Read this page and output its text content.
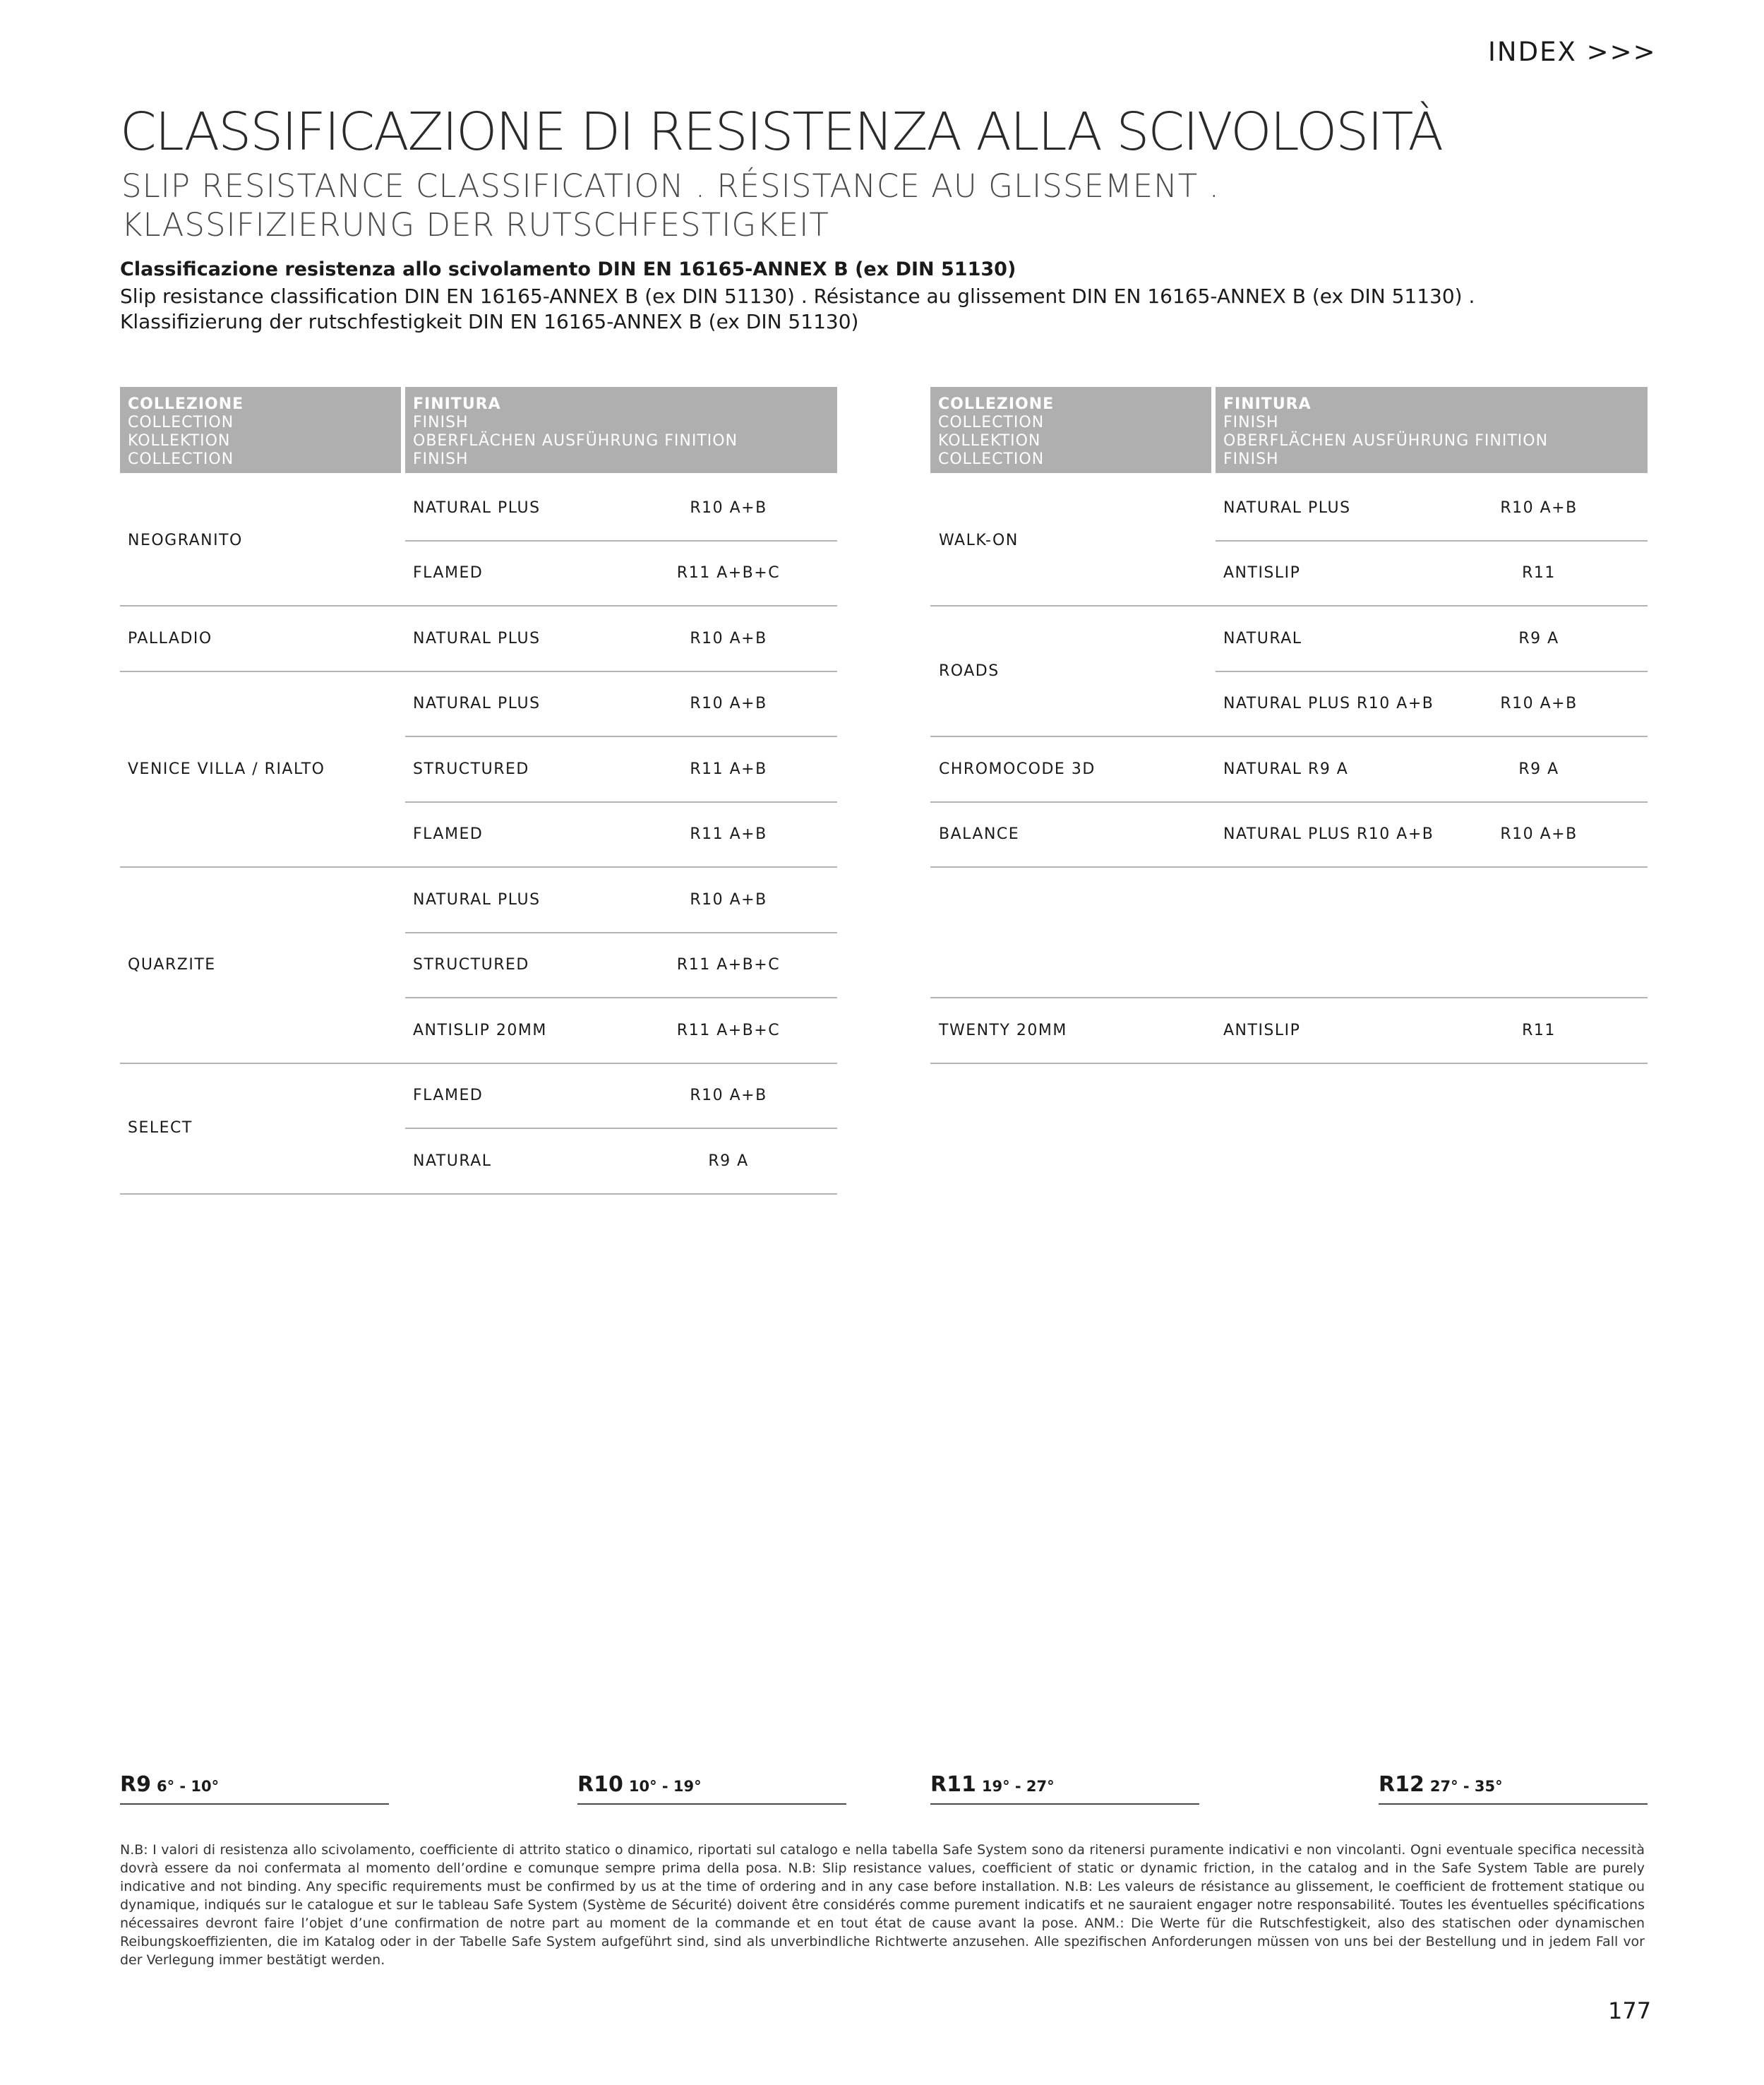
INDEX >>>
CLASSIFICAZIONE DI RESISTENZA ALLA SCIVOLOSITÀ
SLIP RESISTANCE CLASSIFICATION . RÉSISTANCE AU GLISSEMENT .
KLASSIFIZIERUNG DER RUTSCHFESTIGKEIT
Classificazione resistenza allo scivolamento DIN EN 16165-ANNEX B (ex DIN 51130)
Slip resistance classification DIN EN 16165-ANNEX B (ex DIN 51130) . Résistance au glissement DIN EN 16165-ANNEX B (ex DIN 51130) . Klassifizierung der rutschfestigkeit DIN EN 16165-ANNEX B (ex DIN 51130)
COLLEZIONE
COLLECTION
KOLLEKTION
COLLECTION
FINITURA
FINISH
OBERFLÄCHEN AUSFÜHRUNG FINITION
FINISH
COLLEZIONE
COLLECTION
KOLLEKTION
COLLECTION
FINITURA
FINISH
OBERFLÄCHEN AUSFÜHRUNG FINITION
FINISH
NEOGRANITO
NATURAL PLUS	R10 A+B
FLAMED	R11 A+B+C
PALLADIO	NATURAL PLUS	R10 A+B
VENICE VILLA / RIALTO
NATURAL PLUS	R10 A+B
STRUCTURED	R11 A+B
FLAMED	R11 A+B
QUARZITE
NATURAL PLUS	R10 A+B
STRUCTURED	R11 A+B+C
ANTISLIP 20MM	R11 A+B+C
SELECT
FLAMED	R10 A+B
NATURAL	R9 A
WALK-ON
NATURAL PLUS	R10 A+B
ANTISLIP	R11
ROADS
NATURAL	R9 A
NATURAL PLUS R10 A+B	R10 A+B
CHROMOCODE 3D	NATURAL R9 A	R9 A
BALANCE	NATURAL PLUS R10 A+B	R10 A+B
TWENTY 20MM	ANTISLIP	R11
R9 6° - 10°	R10 10° - 19°	R11 19° - 27°	R12 27° - 35°
N.B: I valori di resistenza allo scivolamento, coefficiente di attrito statico o dinamico, riportati sul catalogo e nella tabella Safe System sono da ritenersi puramente indicativi e non vincolanti. Ogni eventuale specifica necessità dovrà essere da noi confermata al momento dell’ordine e comunque sempre prima della posa. N.B: Slip resistance values, coefficient of static or dynamic friction, in the catalog and in the Safe System Table are purely indicative and not binding. Any specific requirements must be confirmed by us at the time of ordering and in any case before installation. N.B: Les valeurs de résistance au glissement, le coefficient de frottement statique ou dynamique, indiqués sur le catalogue et sur le tableau Safe System (Système de Sécurité) doivent être considérés comme purement indicatifs et ne sauraient engager notre responsabilité. Toutes les éventuelles spécifications nécessaires devront faire l’objet d’une confirmation de notre part au moment de la commande et en tout état de cause avant la pose. ANM.: Die Werte für die Rutschfestigkeit, also des statischen oder dynamischen Reibungskoeffizienten, die im Katalog oder in der Tabelle Safe System aufgeführt sind, sind als unverbindliche Richtwerte anzusehen. Alle spezifischen Anforderungen müssen von uns bei der Bestellung und in jedem Fall vor der Verlegung immer bestätigt werden.
177
